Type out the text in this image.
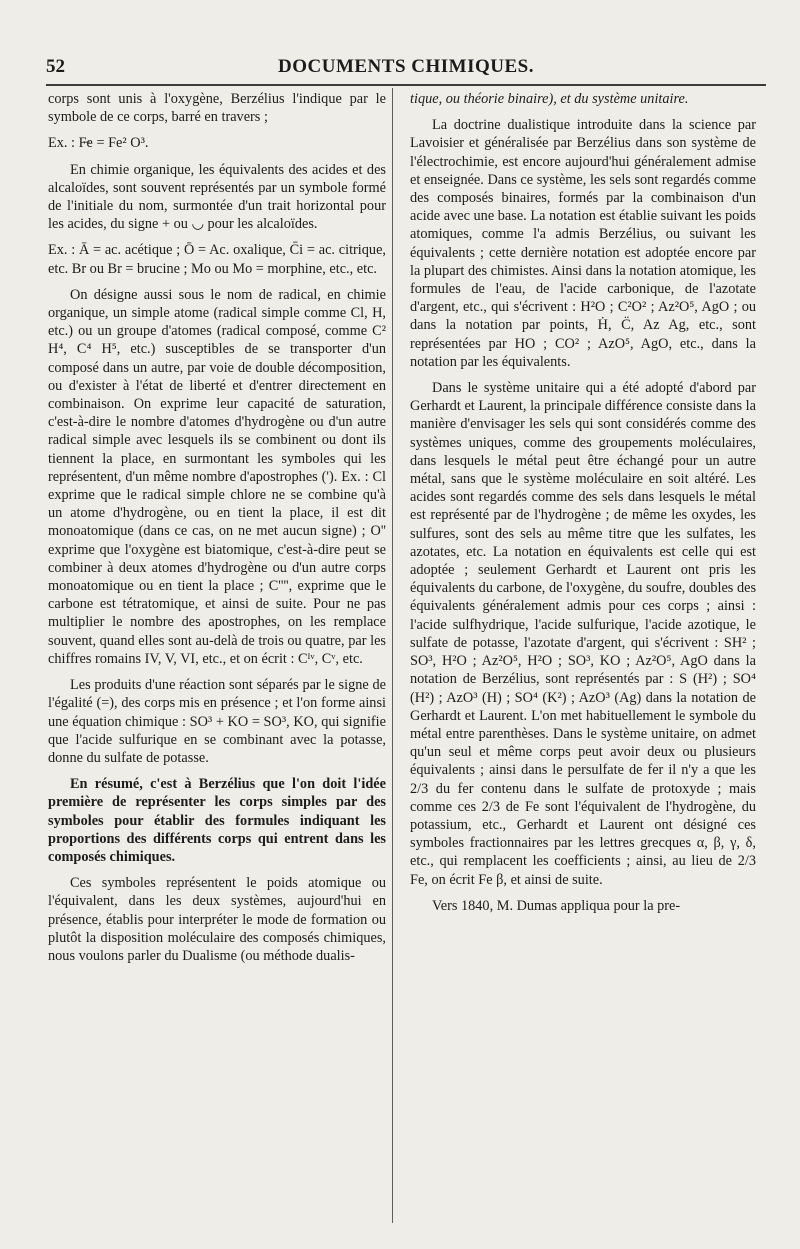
52	DOCUMENTS CHIMIQUES.

corps sont unis à l'oxygène, Berzélius l'indique par le symbole de ce corps, barré en travers ;

Ex. : F̶e = Fe² O³.

En chimie organique, les équivalents des acides et des alcaloïdes, sont souvent représentés par un symbole formé de l'initiale du nom, surmontée d'un trait horizontal pour les acides, du signe + ou ◡ pour les alcaloïdes.

Ex. : Ā = ac. acétique ; Ō = Ac. oxalique, C̄i = ac. citrique, etc. Br ou Br = brucine ; Mo ou Mo = morphine, etc., etc.

On désigne aussi sous le nom de radical, en chimie organique, un simple atome (radical simple comme Cl, H, etc.) ou un groupe d'atomes (radical composé, comme C² H⁴, C⁴ H⁵, etc.) susceptibles de se transporter d'un composé dans un autre, par voie de double décomposition, ou d'exister à l'état de liberté et d'entrer directement en combinaison. On exprime leur capacité de saturation, c'est-à-dire le nombre d'atomes d'hydrogène ou d'un autre radical simple avec lesquels ils se combinent ou dont ils tiennent la place, en surmontant les symboles qui les représentent, d'un même nombre d'apostrophes ('). Ex. : Cl exprime que le radical simple chlore ne se combine qu'à un atome d'hydrogène, ou en tient la place, il est dit monoatomique (dans ce cas, on ne met aucun signe) ; O'' exprime que l'oxygène est biatomique, c'est-à-dire peut se combiner à deux atomes d'hydrogène ou d'un autre corps monoatomique ou en tient la place ; C'''', exprime que le carbone est tétratomique, et ainsi de suite. Pour ne pas multiplier le nombre des apostrophes, on les remplace souvent, quand elles sont au-delà de trois ou quatre, par les chiffres romains IV, V, VI, etc., et on écrit : Cᴵᵛ, Cᵛ, etc.

Les produits d'une réaction sont séparés par le signe de l'égalité (=), des corps mis en présence ; et l'on forme ainsi une équation chimique : SO³ + KO = SO³, KO, qui signifie que l'acide sulfurique en se combinant avec la potasse, donne du sulfate de potasse.

En résumé, c'est à Berzélius que l'on doit l'idée première de représenter les corps simples par des symboles pour établir des formules indiquant les proportions des différents corps qui entrent dans les composés chimiques.

Ces symboles représentent le poids atomique ou l'équivalent, dans les deux systèmes, aujourd'hui en présence, établis pour interpréter le mode de formation ou plutôt la disposition moléculaire des composés chimiques, nous voulons parler du Dualisme (ou méthode dualis-

tique, ou théorie binaire), et du système unitaire.

La doctrine dualistique introduite dans la science par Lavoisier et généralisée par Berzélius dans son système de l'électrochimie, est encore aujourd'hui généralement admise et enseignée. Dans ce système, les sels sont regardés comme des composés binaires, formés par la combinaison d'un acide avec une base. La notation est établie suivant les poids atomiques, comme l'a admis Berzélius, ou suivant les équivalents ; cette dernière notation est adoptée encore par la plupart des chimistes. Ainsi dans la notation atomique, les formules de l'eau, de l'acide carbonique, de l'azotate d'argent, etc., qui s'écrivent : H²O ; C²O² ; Az²O⁵, AgO ; ou dans la notation par points, Ḣ, C̈, Az Ag, etc., sont représentées par HO ; CO² ; AzO⁵, AgO, etc., dans la notation par les équivalents.

Dans le système unitaire qui a été adopté d'abord par Gerhardt et Laurent, la principale différence consiste dans la manière d'envisager les sels qui sont considérés comme des systèmes uniques, comme des groupements moléculaires, dans lesquels le métal peut être échangé pour un autre métal, sans que le système moléculaire en soit altéré. Les acides sont regardés comme des sels dans lesquels le métal est représenté par de l'hydrogène ; de même les oxydes, les sulfures, sont des sels au même titre que les sulfates, les azotates, etc. La notation en équivalents est celle qui est adoptée ; seulement Gerhardt et Laurent ont pris les équivalents du carbone, de l'oxygène, du soufre, doubles des équivalents généralement admis pour ces corps ; ainsi : l'acide sulfhydrique, l'acide sulfurique, l'acide azotique, le sulfate de potasse, l'azotate d'argent, qui s'écrivent : SH² ; SO³, H²O ; Az²O⁵, H²O ; SO³, KO ; Az²O⁵, AgO dans la notation de Berzélius, sont représentés par : S (H²) ; SO⁴ (H²) ; AzO³ (H) ; SO⁴ (K²) ; AzO³ (Ag) dans la notation de Gerhardt et Laurent. L'on met habituellement le symbole du métal entre parenthèses. Dans le système unitaire, on admet qu'un seul et même corps peut avoir deux ou plusieurs équivalents ; ainsi dans le persulfate de fer il n'y a que les 2/3 du fer contenu dans le sulfate de protoxyde ; mais comme ces 2/3 de Fe sont l'équivalent de l'hydrogène, du potassium, etc., Gerhardt et Laurent ont désigné ces symboles fractionnaires par les lettres grecques α, β, γ, δ, etc., qui remplacent les coefficients ; ainsi, au lieu de 2/3 Fe, on écrit Fe β, et ainsi de suite.

Vers 1840, M. Dumas appliqua pour la pre-
